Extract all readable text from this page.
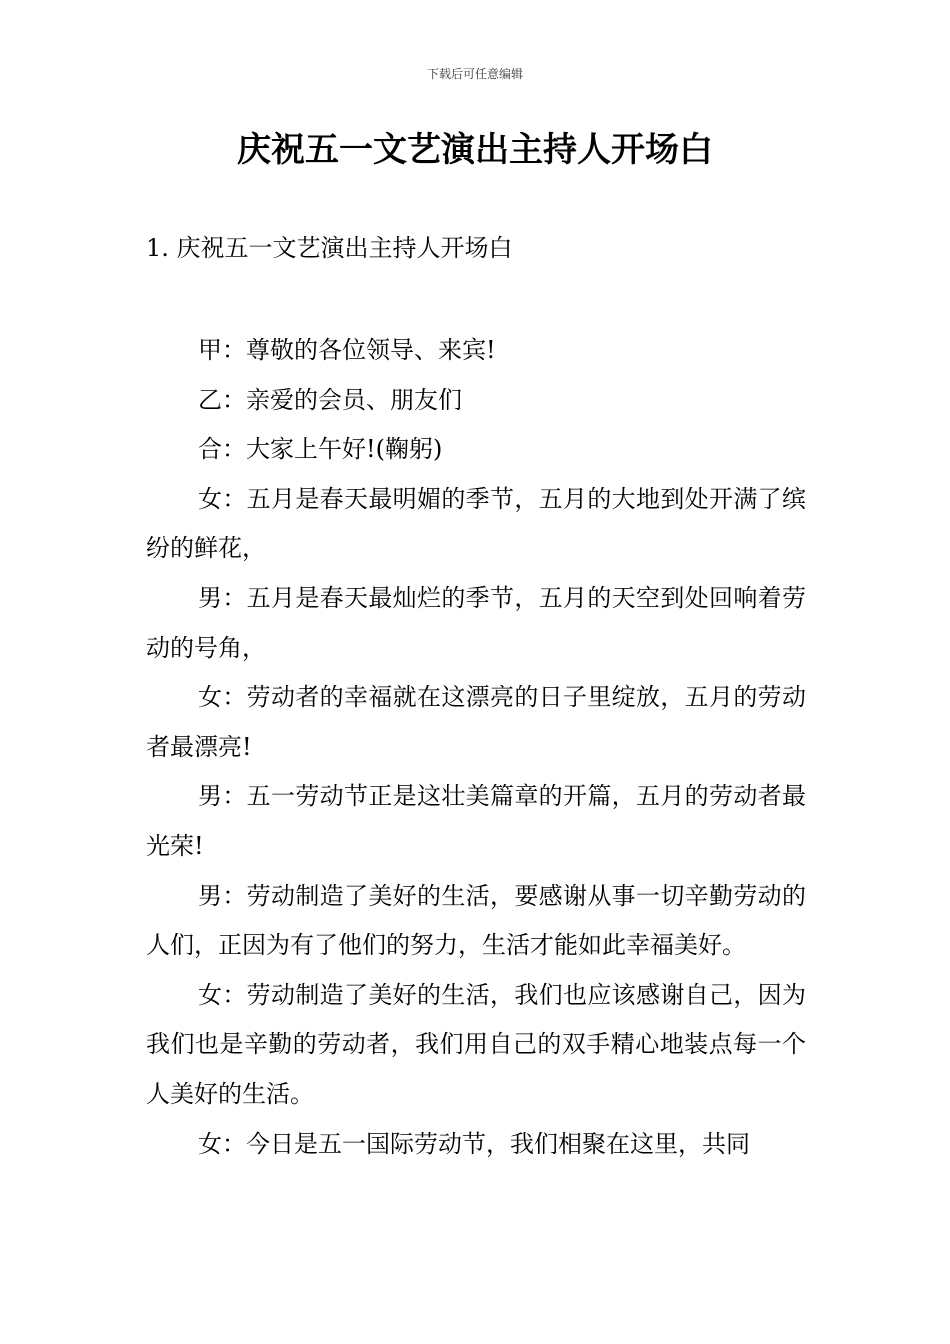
下载后可任意编辑
庆祝五一文艺演出主持人开场白
1. 庆祝五一文艺演出主持人开场白

甲：尊敬的各位领导、来宾!

乙：亲爱的会员、朋友们

合：大家上午好!(鞠躬)

女：五月是春天最明媚的季节，五月的大地到处开满了缤纷的鲜花，

男：五月是春天最灿烂的季节，五月的天空到处回响着劳动的号角，

女：劳动者的幸福就在这漂亮的日子里绽放，五月的劳动者最漂亮!

男：五一劳动节正是这壮美篇章的开篇，五月的劳动者最光荣!

男：劳动制造了美好的生活，要感谢从事一切辛勤劳动的人们，正因为有了他们的努力，生活才能如此幸福美好。

女：劳动制造了美好的生活，我们也应该感谢自己，因为我们也是辛勤的劳动者，我们用自己的双手精心地装点每一个人美好的生活。

女：今日是五一国际劳动节，我们相聚在这里，共同
